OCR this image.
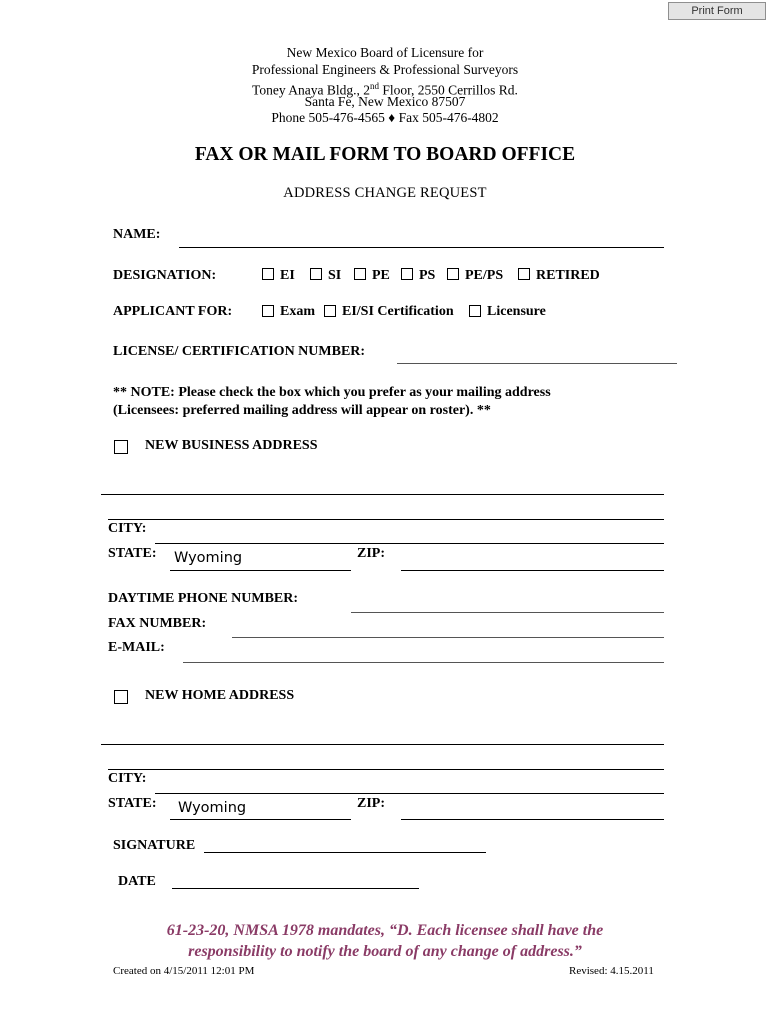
Print Form
New Mexico Board of Licensure for
Professional Engineers & Professional Surveyors
Toney Anaya Bldg., 2nd Floor, 2550 Cerrillos Rd.
Santa Fe, New Mexico 87507
Phone 505-476-4565 ♦ Fax 505-476-4802
FAX OR MAIL FORM TO BOARD OFFICE
ADDRESS CHANGE REQUEST
NAME:
DESIGNATION:	EI SI PE PS PE/PS RETIRED
APPLICANT FOR:	Exam EI/SI Certification Licensure
LICENSE/ CERTIFICATION NUMBER:
** NOTE: Please check the box which you prefer as your mailing address
(Licensees: preferred mailing address will appear on roster). **
NEW BUSINESS ADDRESS
CITY:
STATE: Wyoming	ZIP:
DAYTIME PHONE NUMBER:
FAX NUMBER:
E-MAIL:
NEW HOME ADDRESS
CITY:
STATE: Wyoming	ZIP:
SIGNATURE
DATE
61-23-20, NMSA 1978 mandates, “D. Each licensee shall have the
responsibility to notify the board of any change of address.”
Created on 4/15/2011 12:01 PM	Revised: 4.15.2011
